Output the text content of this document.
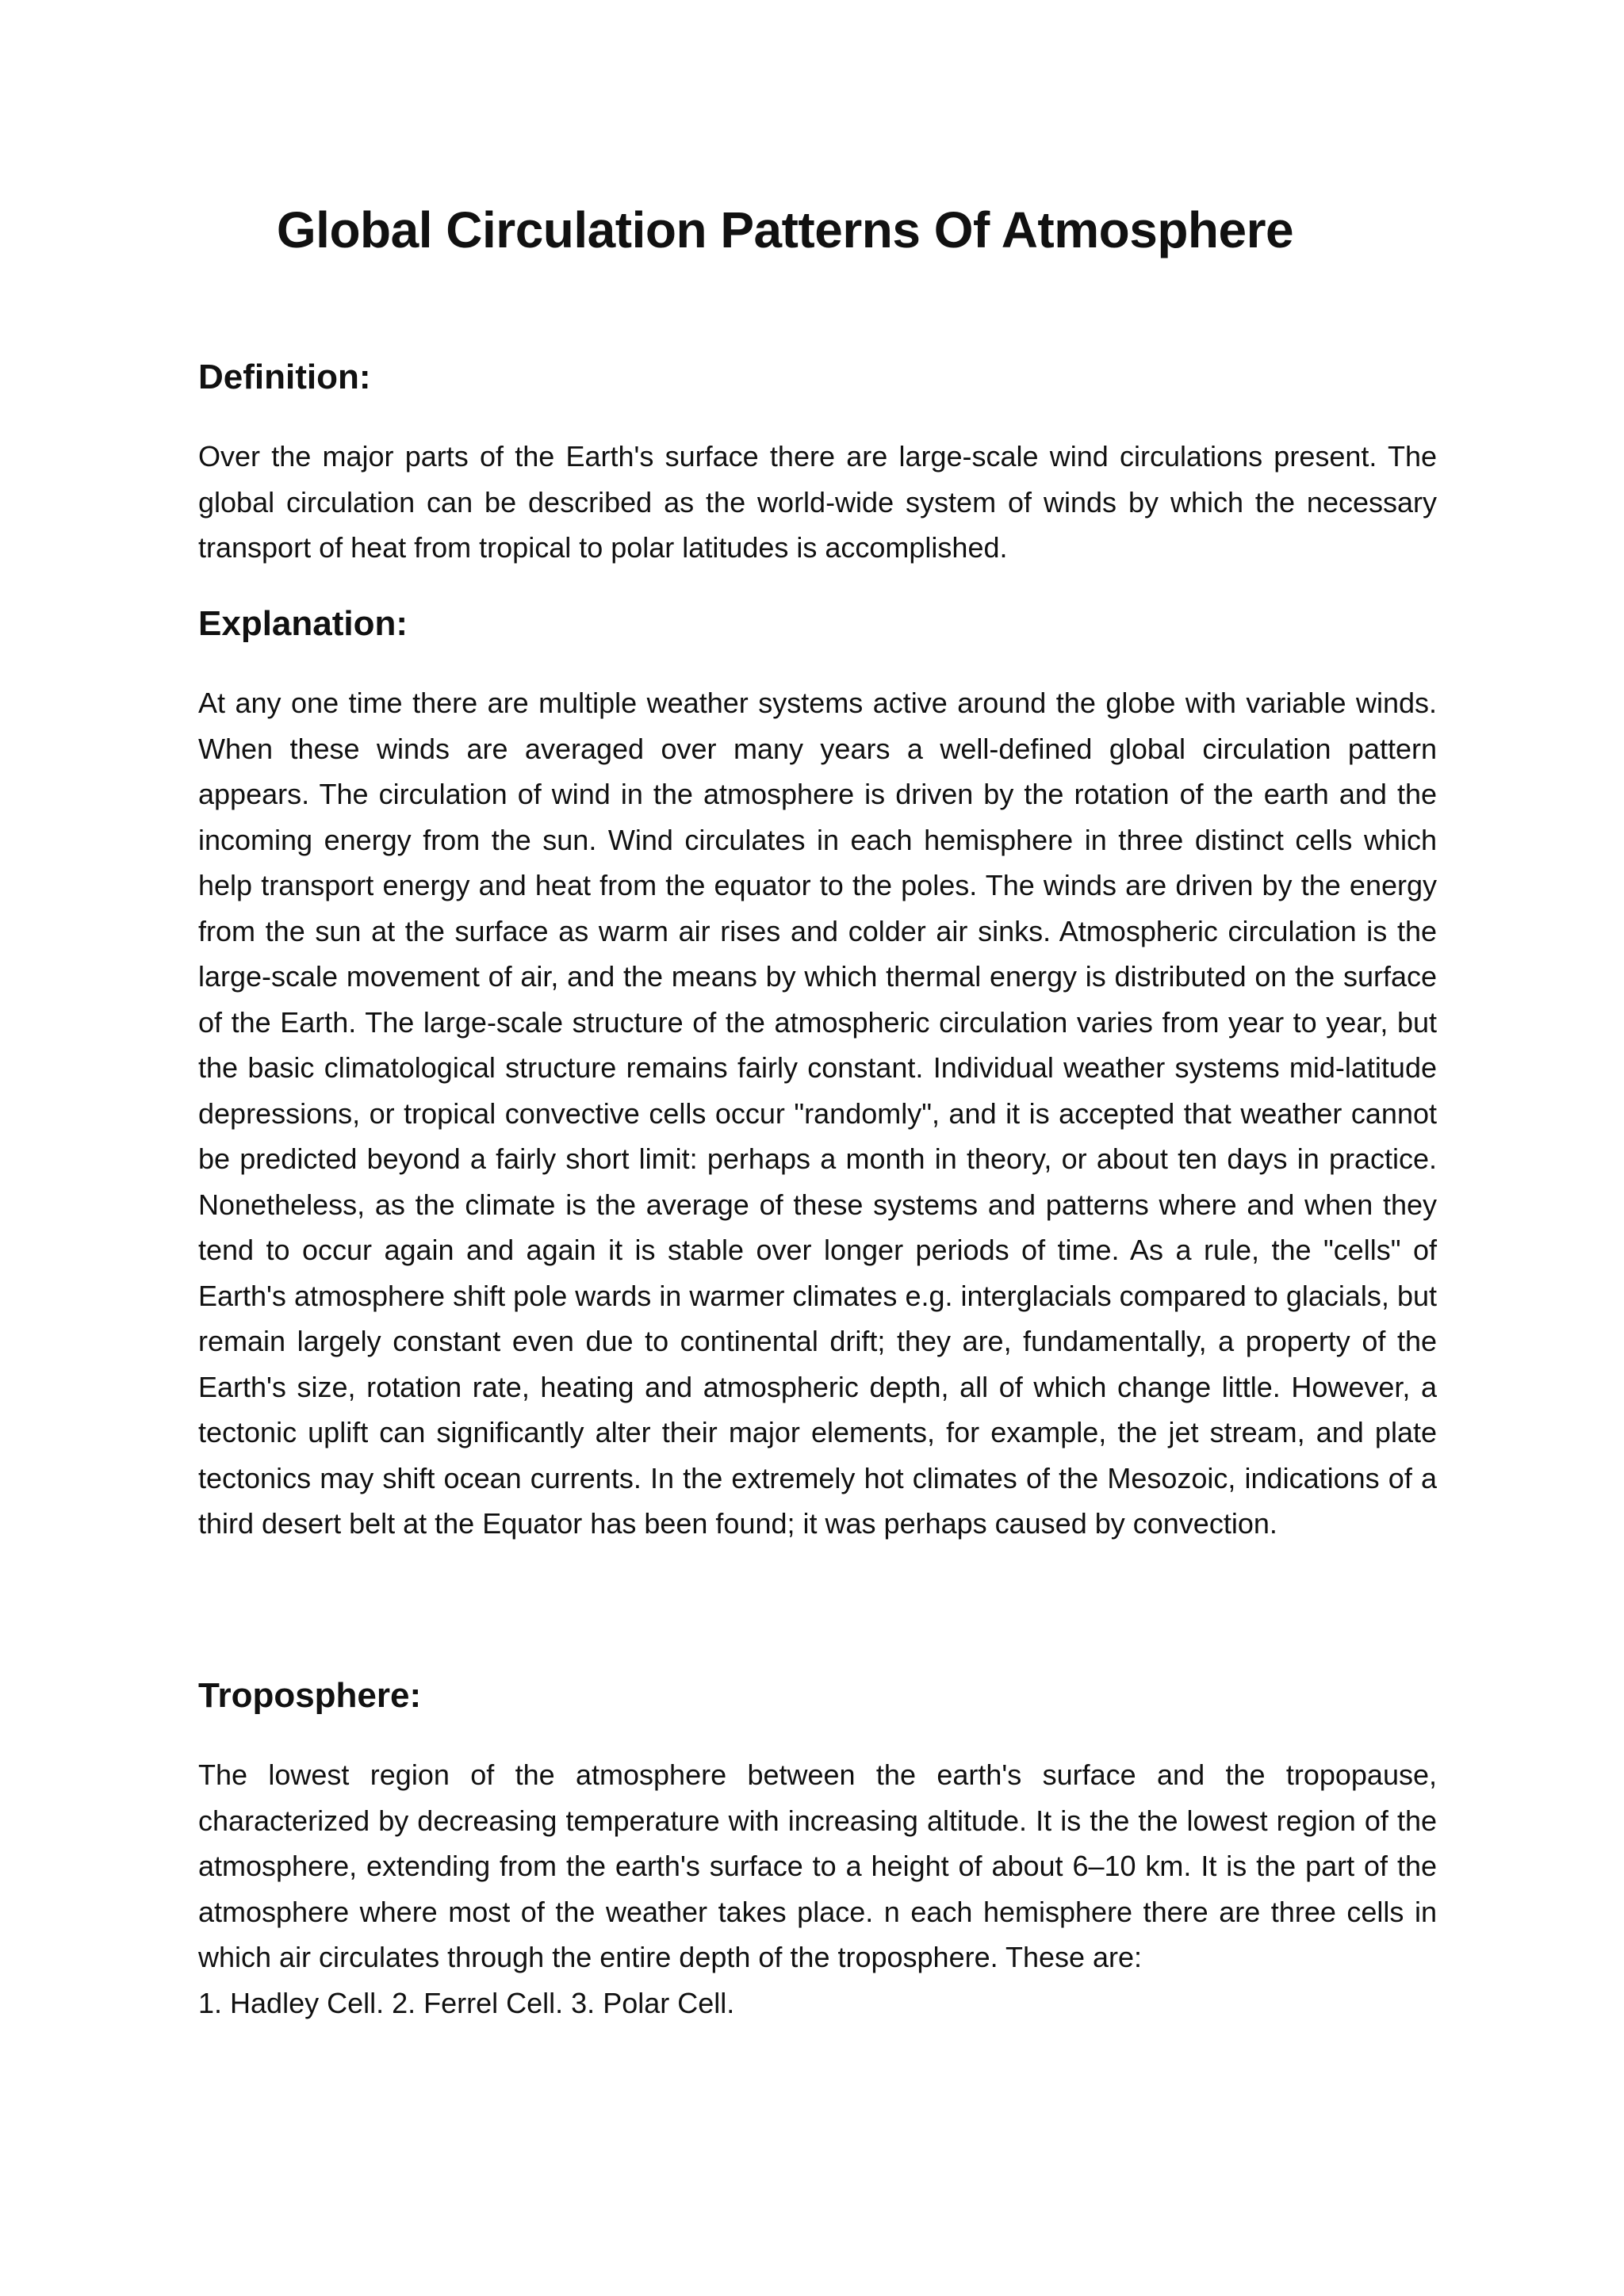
Global Circulation Patterns Of Atmosphere
Definition:

Over the major parts of the Earth's surface there are large-scale wind circulations present. The global circulation can be described as the world-wide system of winds by which the necessary transport of heat from tropical to polar latitudes is accomplished.

Explanation:

At any one time there are multiple weather systems active around the globe with variable winds. When these winds are averaged over many years a well-defined global circulation pattern appears. The circulation of wind in the atmosphere is driven by the rotation of the earth and the incoming energy from the sun. Wind circulates in each hemisphere in three distinct cells which help transport energy and heat from the equator to the poles. The winds are driven by the energy from the sun at the surface as warm air rises and colder air sinks. Atmospheric circulation is the large-scale movement of air, and the means by which thermal energy is distributed on the surface of the Earth. The large-scale structure of the atmospheric circulation varies from year to year, but the basic climatological structure remains fairly constant. Individual weather systems mid-latitude depressions, or tropical convective cells occur "randomly", and it is accepted that weather cannot be predicted beyond a fairly short limit: perhaps a month in theory, or about ten days in practice. Nonetheless, as the climate is the average of these systems and patterns where and when they tend to occur again and again it is stable over longer periods of time. As a rule, the "cells" of Earth's atmosphere shift pole wards in warmer climates e.g. interglacials compared to glacials, but remain largely constant even due to continental drift; they are, fundamentally, a property of the Earth's size, rotation rate, heating and atmospheric depth, all of which change little. However, a tectonic uplift can significantly alter their major elements, for example, the jet stream, and plate tectonics may shift ocean currents. In the extremely hot climates of the Mesozoic, indications of a third desert belt at the Equator has been found; it was perhaps caused by convection.

Troposphere:

The lowest region of the atmosphere between the earth's surface and the tropopause, characterized by decreasing temperature with increasing altitude. It is the the lowest region of the atmosphere, extending from the earth's surface to a height of about 6–10 km. It is the part of the atmosphere where most of the weather takes place. n each hemisphere there are three cells in which air circulates through the entire depth of the troposphere. These are:

1. Hadley Cell. 2. Ferrel Cell. 3. Polar Cell.
